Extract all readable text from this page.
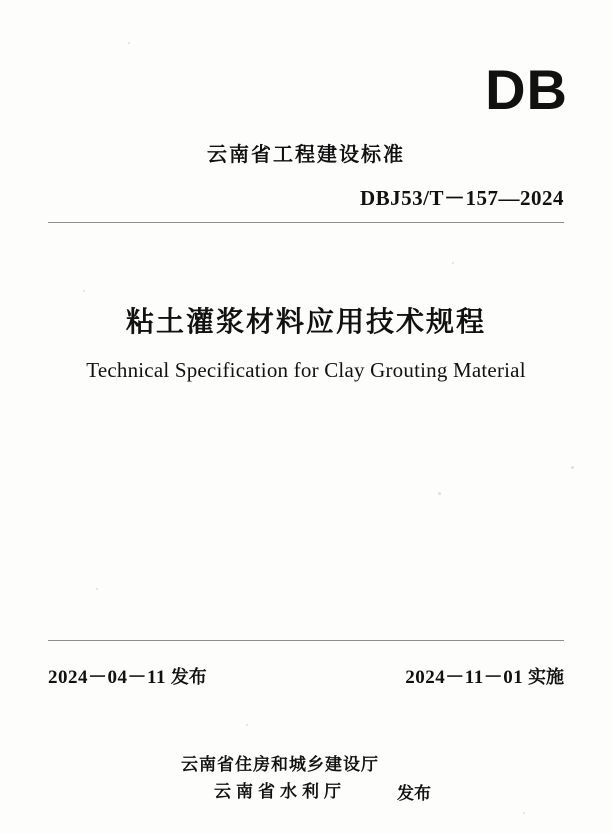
DB
云南省工程建设标准
DBJ53/T－157—2024
粘土灌浆材料应用技术规程
Technical Specification for Clay Grouting Material
2024－04－11 发布	2024－11－01 实施
云南省住房和城乡建设厅
云南省水利厅	发布
